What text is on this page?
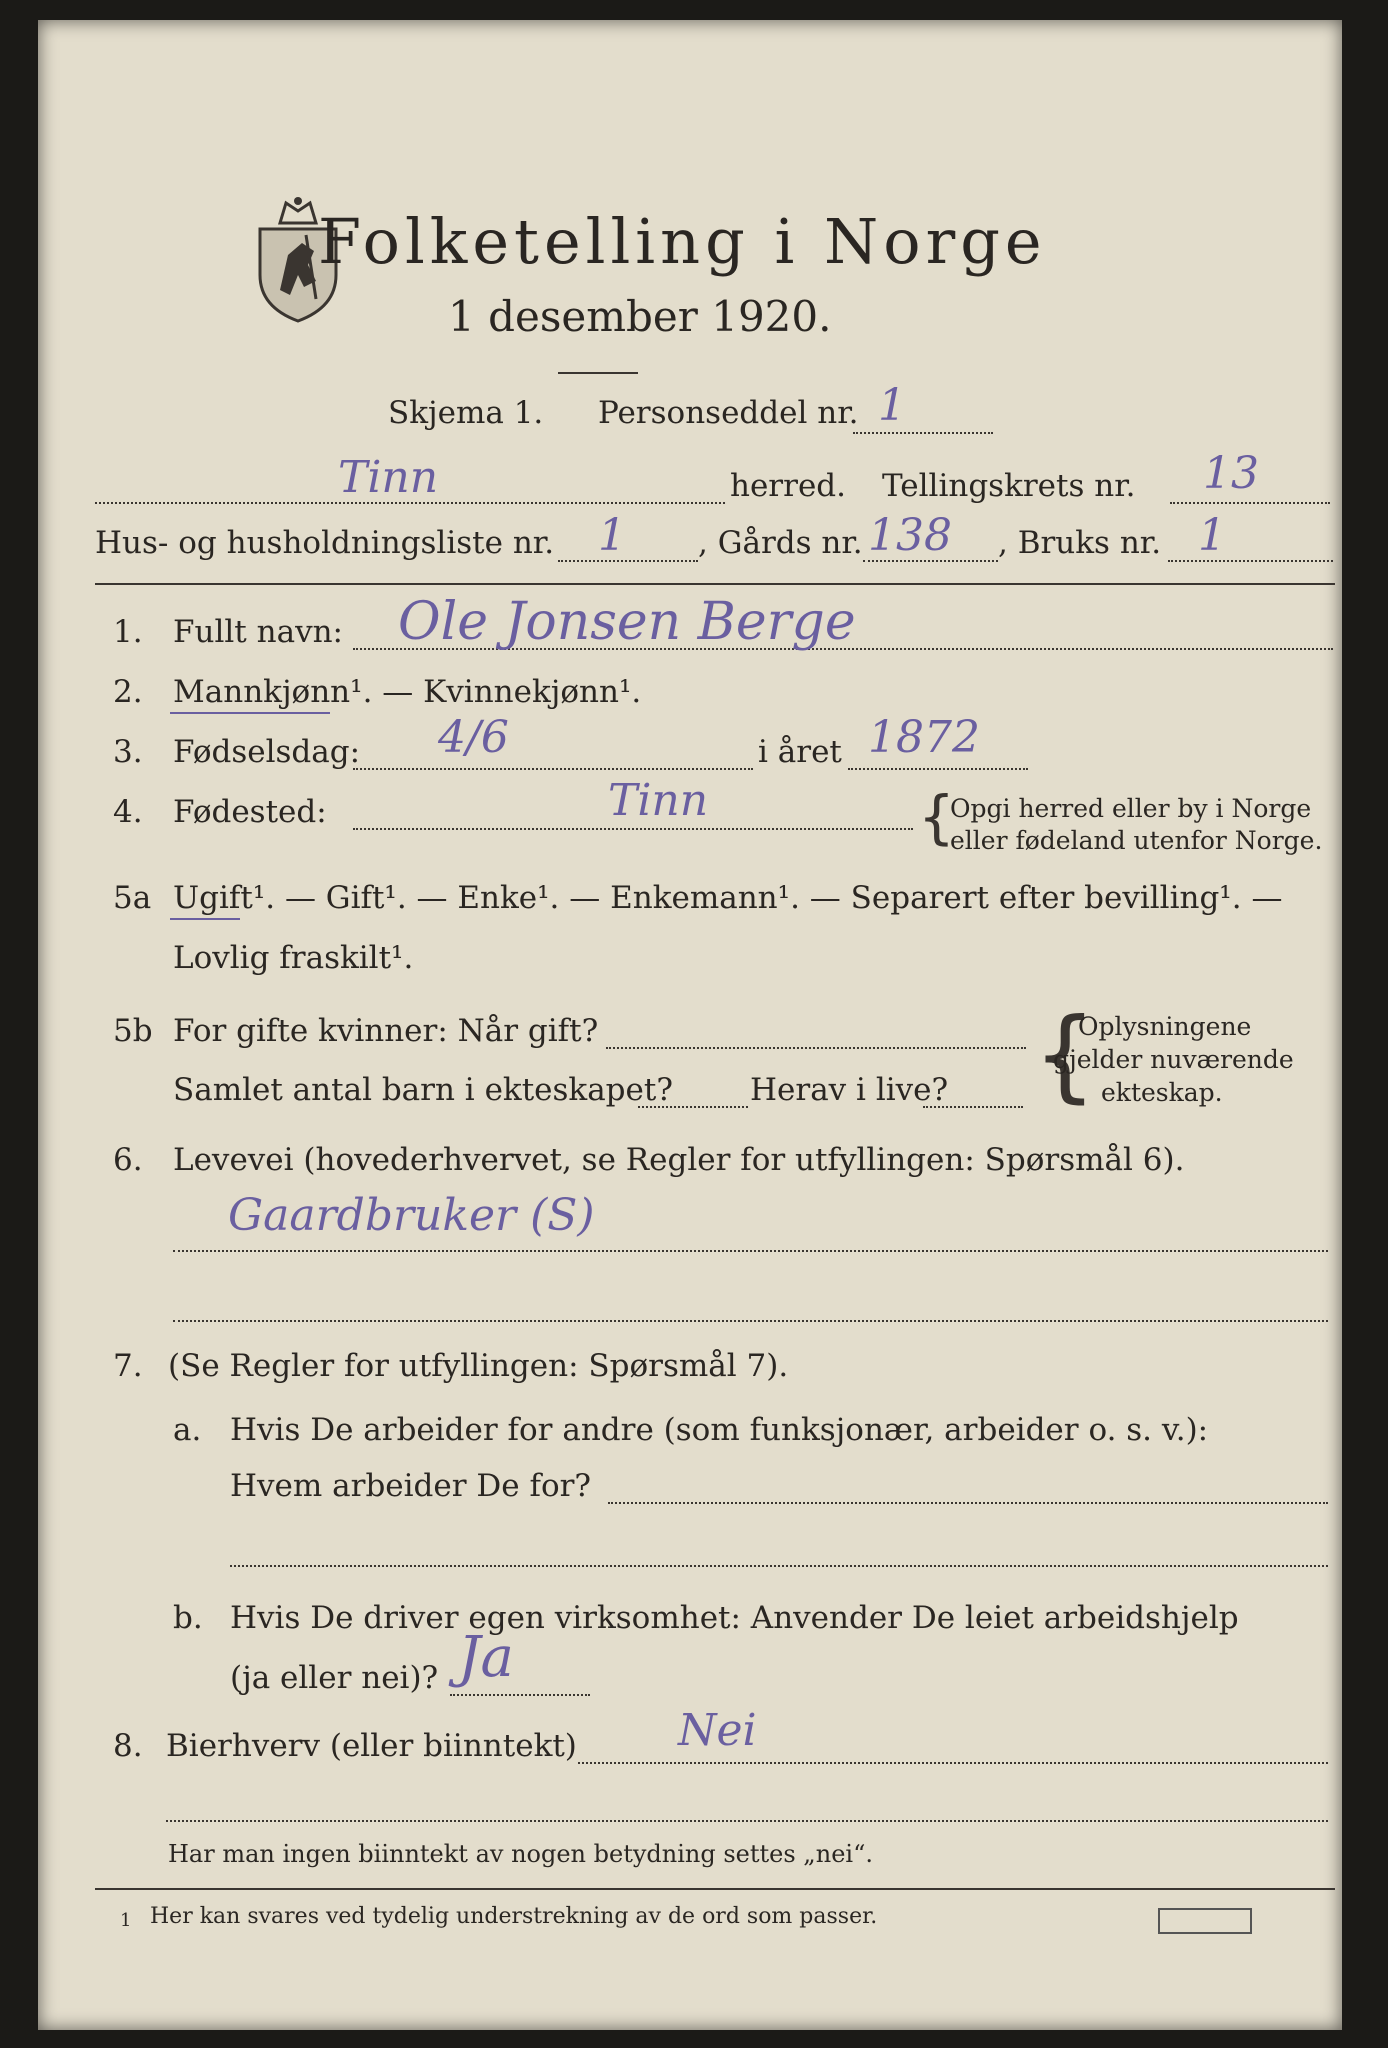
Folketelling i Norge
1 desember 1920.
Skjema 1. Personseddel nr. 1
Tinn	herred. Tellingskrets nr. 13
Hus- og husholdningsliste nr. 1 , Gårds nr. 138 , Bruks nr. 1
1. Fullt navn: Ole Jonsen Berge
2. Mannkjønn¹. — Kvinnekjønn¹.
3. Fødselsdag: 4/6	i året 1872
4. Fødested:	Tinn	{
Opgi herred eller by i Norge
eller fødeland utenfor Norge.
5a Ugift¹. — Gift¹. — Enke¹. — Enkemann¹. — Separert efter bevilling¹. —
Lovlig fraskilt¹.
5b For gifte kvinner: Når gift?
Samlet antal barn i ekteskapet? Herav i live? {
Oplysningene
gjelder nuværende
ekteskap.
6. Levevei (hovederhvervet, se Regler for utfyllingen: Spørsmål 6).
Gaardbruker (S)
7. (Se Regler for utfyllingen: Spørsmål 7).
a. Hvis De arbeider for andre (som funksjonær, arbeider o. s. v.):
Hvem arbeider De for?
b. Hvis De driver egen virksomhet: Anvender De leiet arbeidshjelp
(ja eller nei)? Ja
8. Bierhverv (eller biinntekt) Nei
Har man ingen biinntekt av nogen betydning settes „nei“.
1 Her kan svares ved tydelig understrekning av de ord som passer.
